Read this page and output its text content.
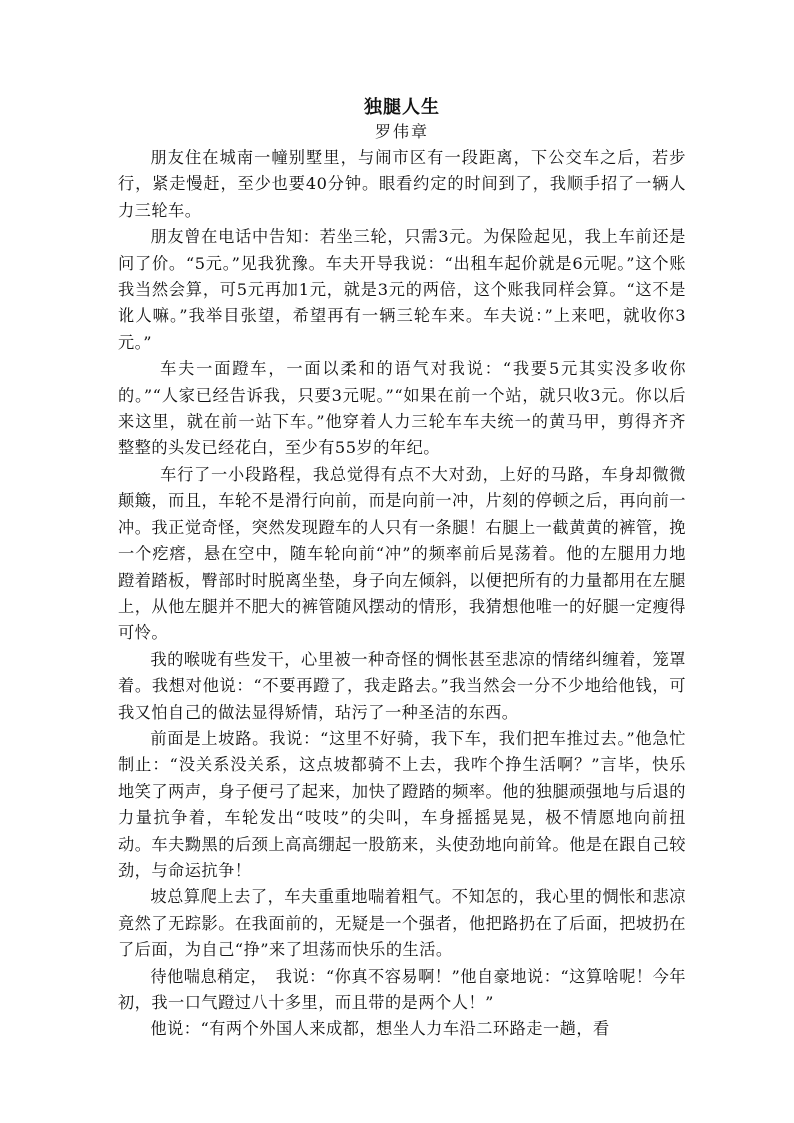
独腿人生

罗伟章

朋友住在城南一幢别墅里，与闹市区有一段距离，下公交车之后，若步行，紧走慢赶，至少也要40分钟。眼看约定的时间到了，我顺手招了一辆人力三轮车。

朋友曾在电话中告知：若坐三轮，只需3元。为保险起见，我上车前还是问了价。“5元。”见我犹豫。车夫开导我说：“出租车起价就是6元呢。”这个账我当然会算，可5元再加1元，就是3元的两倍，这个账我同样会算。“这不是讹人嘛。”我举目张望，希望再有一辆三轮车来。车夫说：”上来吧，就收你3元。”

车夫一面蹬车，一面以柔和的语气对我说：“我要5元其实没多收你的。”“人家已经告诉我，只要3元呢。”“如果在前一个站，就只收3元。你以后来这里，就在前一站下车。”他穿着人力三轮车车夫统一的黄马甲，剪得齐齐整整的头发已经花白，至少有55岁的年纪。

车行了一小段路程，我总觉得有点不大对劲，上好的马路，车身却微微颠簸，而且，车轮不是滑行向前，而是向前一冲，片刻的停顿之后，再向前一冲。我正觉奇怪，突然发现蹬车的人只有一条腿！右腿上一截黄黄的裤管，挽一个疙瘩，悬在空中，随车轮向前“冲”的频率前后晃荡着。他的左腿用力地蹬着踏板，臀部时时脱离坐垫，身子向左倾斜，以便把所有的力量都用在左腿上，从他左腿并不肥大的裤管随风摆动的情形，我猜想他唯一的好腿一定瘦得可怜。

我的喉咙有些发干，心里被一种奇怪的惆怅甚至悲凉的情绪纠缠着，笼罩着。我想对他说：“不要再蹬了，我走路去。”我当然会一分不少地给他钱，可我又怕自己的做法显得矫情，玷污了一种圣洁的东西。

前面是上坡路。我说：“这里不好骑，我下车，我们把车推过去。”他急忙制止：“没关系没关系，这点坡都骑不上去，我咋个挣生活啊？”言毕，快乐地笑了两声，身子便弓了起来，加快了蹬踏的频率。他的独腿顽强地与后退的力量抗争着，车轮发出“吱吱”的尖叫，车身摇摇晃晃，极不情愿地向前扭动。车夫黝黑的后颈上高高绷起一股筋来，头使劲地向前耸。他是在跟自己较劲，与命运抗争！

坡总算爬上去了，车夫重重地喘着粗气。不知怎的，我心里的惆怅和悲凉竟然了无踪影。在我面前的，无疑是一个强者，他把路扔在了后面，把坡扔在了后面，为自己“挣”来了坦荡而快乐的生活。

待他喘息稍定，　我说：“你真不容易啊！”他自豪地说：“这算啥呢！今年初，我一口气蹬过八十多里，而且带的是两个人！”

他说：“有两个外国人来成都，想坐人力车沿二环路走一趟，看
